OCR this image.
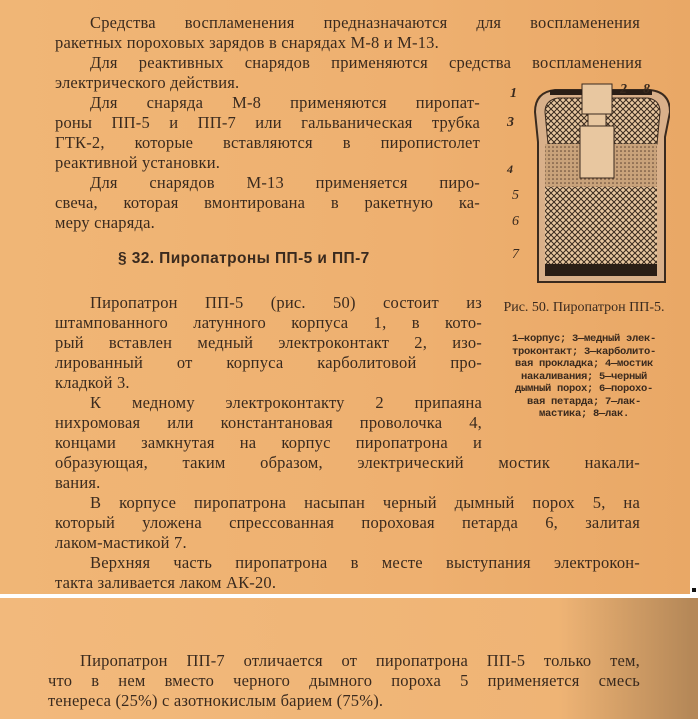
Средства воспламенения предназначаются для воспламенения
ракетных пороховых зарядов в снарядах М-8 и М-13.
Для реактивных снарядов применяются средства воспламенения
электрического действия.
Для снаряда М-8 применяются пиропат-
роны ПП-5 и ПП-7 или гальваническая трубка
ГТК-2, которые вставляются в пиропистолет
реактивной установки.
Для снарядов М-13 применяется пиро-
свеча, которая вмонтирована в ракетную ка-
меру снаряда.
§ 32. Пиропатроны ПП-5 и ПП-7
Пиропатрон ПП-5 (рис. 50) состоит из
штампованного латунного корпуса 1, в кото-
рый вставлен медный электроконтакт 2, изо-
лированный от корпуса карболитовой про-
кладкой 3.
К медному электроконтакту 2 припаяна
нихромовая или константановая проволочка 4,
концами замкнутая на корпус пиропатрона и
образующая, таким образом, электрический мостик накали-
вания.
В корпусе пиропатрона насыпан черный дымный порох 5, на
который уложена спрессованная пороховая петарда 6, залитая
лаком-мастикой 7.
Верхняя часть пиропатрона в месте выступания электрокон-
такта заливается лаком АК-20.
1	2 8
3
4
5
6
7
Рис. 50. Пиропатрон ПП-5.
1—корпус; 3—медный элек-
троконтакт; 3—карболито-
вая прокладка; 4—мостик
накаливания; 5—черный
дымный порох; 6—порохо-
вая петарда; 7—лак-
мастика; 8—лак.
Пиропатрон ПП-7 отличается от пиропатрона ПП-5 только тем,
что в нем вместо черного дымного пороха 5 применяется смесь
тенереса (25%) с азотнокислым барием (75%).
